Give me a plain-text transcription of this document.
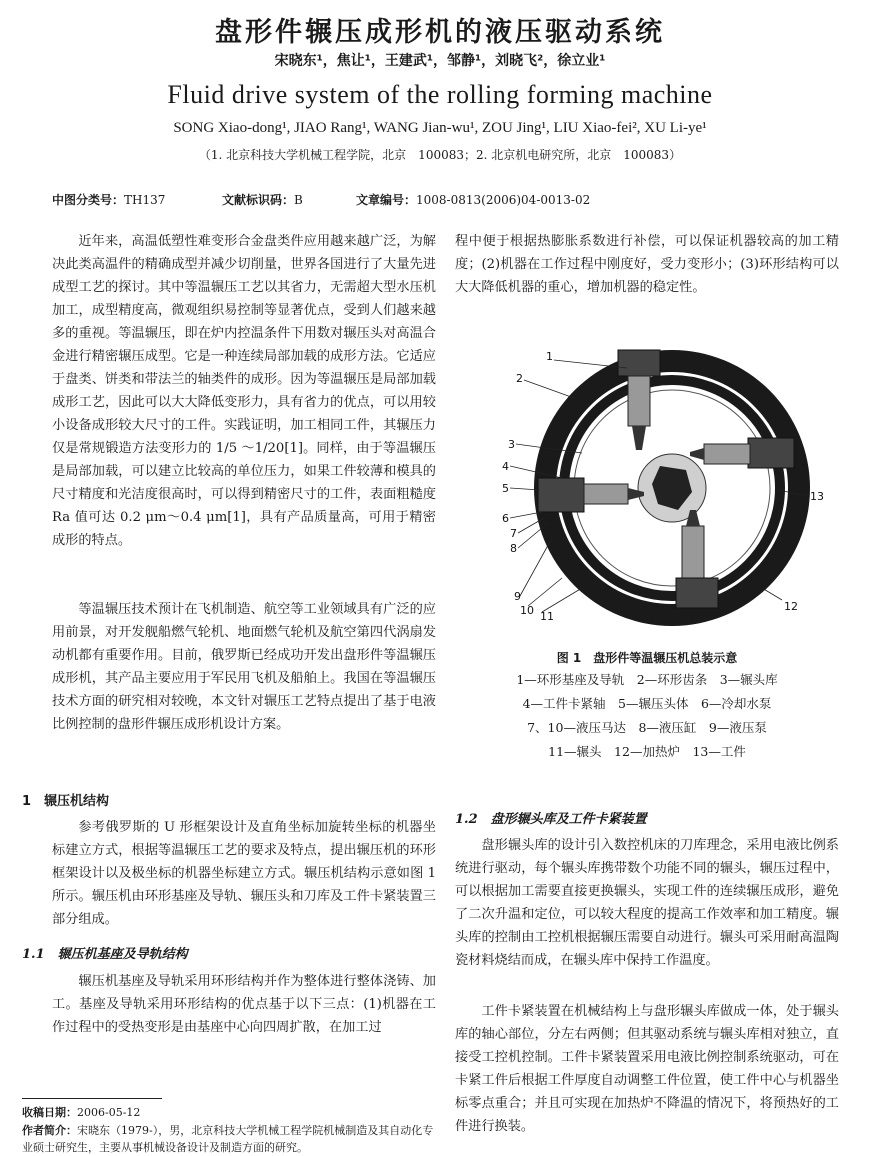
盘形件辗压成形机的液压驱动系统
宋晓东¹，焦让¹，王建武¹，邹静¹，刘晓飞²，徐立业¹
Fluid drive system of the rolling forming machine
SONG Xiao-dong¹, JIAO Rang¹, WANG Jian-wu¹, ZOU Jing¹, LIU Xiao-fei², XU Li-ye¹
（1. 北京科技大学机械工程学院，北京　100083；2. 北京机电研究所，北京　100083）
中图分类号：TH137	文献标识码：B	文章编号：1008-0813(2006)04-0013-02

近年来，高温低塑性难变形合金盘类件应用越来越广泛，为解决此类高温件的精确成型并减少切削量，世界各国进行了大量先进成型工艺的探讨。其中等温辗压工艺以其省力，无需超大型水压机加工，成型精度高，微观组织易控制等显著优点，受到人们越来越多的重视。等温辗压，即在炉内控温条件下用数对辗压头对高温合金进行精密辗压成型。它是一种连续局部加载的成形方法。它适应于盘类、饼类和带法兰的轴类件的成形。因为等温辗压是局部加载成形工艺，因此可以大大降低变形力，具有省力的优点，可以用较小设备成形较大尺寸的工件。实践证明，加工相同工件，其辗压力仅是常规锻造方法变形力的 1/5 ～1/20[1]。同样，由于等温辗压是局部加载，可以建立比较高的单位压力，如果工件较薄和模具的尺寸精度和光洁度很高时，可以得到精密尺寸的工件，表面粗糙度 Ra 值可达 0.2 μm～0.4 μm[1]，具有产品质量高，可用于精密成形的特点。

等温辗压技术预计在飞机制造、航空等工业领域具有广泛的应用前景，对开发舰船燃气轮机、地面燃气轮机及航空第四代涡扇发动机都有重要作用。目前，俄罗斯已经成功开发出盘形件等温辗压成形机，其产品主要应用于军民用飞机及船舶上。我国在等温辗压技术方面的研究相对较晚，本文针对辗压工艺特点提出了基于电液比例控制的盘形件辗压成形机设计方案。

1　辗压机结构

参考俄罗斯的 U 形框架设计及直角坐标加旋转坐标的机器坐标建立方式，根据等温辗压工艺的要求及特点，提出辗压机的环形框架设计以及极坐标的机器坐标建立方式。辗压机结构示意如图 1 所示。辗压机由环形基座及导轨、辗压头和刀库及工件卡紧装置三部分组成。

1.1　辗压机基座及导轨结构

辗压机基座及导轨采用环形结构并作为整体进行整体浇铸、加工。基座及导轨采用环形结构的优点基于以下三点：(1)机器在工作过程中的受热变形是由基座中心向四周扩散，在加工过

程中便于根据热膨胀系数进行补偿，可以保证机器较高的加工精度；(2)机器在工作过程中刚度好，受力变形小；(3)环形结构可以大大降低机器的重心，增加机器的稳定性。

1
2
3
4
5
6
7
8
9
10 11
12
13
图 1　盘形件等温辗压机总装示意
1—环形基座及导轨　2—环形齿条　3—辗头库
4—工件卡紧轴　5—辗压头体　6—冷却水泵
7、10—液压马达　8—液压缸　9—液压泵
11—辗头　12—加热炉　13—工件
1.2　盘形辗头库及工件卡紧装置

盘形辗头库的设计引入数控机床的刀库理念，采用电液比例系统进行驱动，每个辗头库携带数个功能不同的辗头，辗压过程中，可以根据加工需要直接更换辗头，实现工件的连续辗压成形，避免了二次升温和定位，可以较大程度的提高工作效率和加工精度。辗头库的控制由工控机根据辗压需要自动进行。辗头可采用耐高温陶瓷材料烧结而成，在辗头库中保持工作温度。

工件卡紧装置在机械结构上与盘形辗头库做成一体，处于辗头库的轴心部位，分左右两侧；但其驱动系统与辗头库相对独立，直接受工控机控制。工件卡紧装置采用电液比例控制系统驱动，可在卡紧工件后根据工件厚度自动调整工件位置，使工件中心与机器坐标零点重合；并且可实现在加热炉不降温的情况下，将预热好的工件进行换装。

收稿日期：2006-05-12
作者简介：宋晓东（1979-），男，北京科技大学机械工程学院机械制造及其自动化专业硕士研究生，主要从事机械设备设计及制造方面的研究。
